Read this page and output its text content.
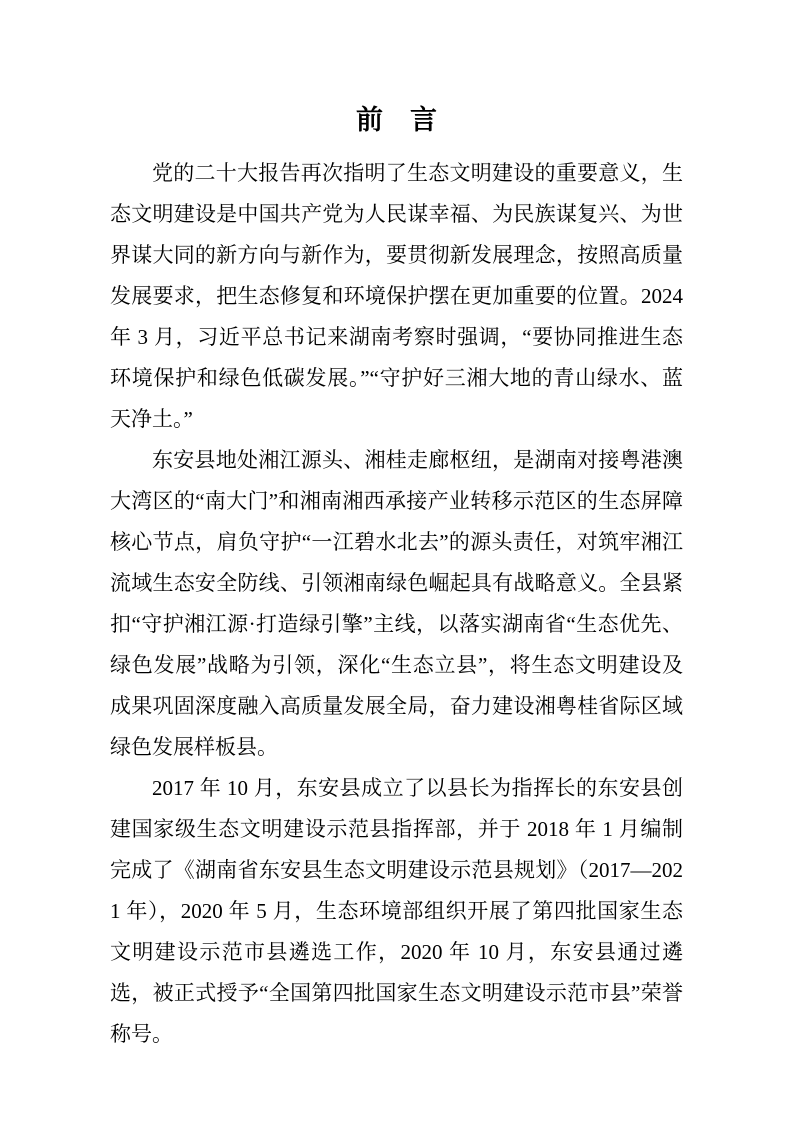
前　言

党的二十大报告再次指明了生态文明建设的重要意义，生态文明建设是中国共产党为人民谋幸福、为民族谋复兴、为世界谋大同的新方向与新作为，要贯彻新发展理念，按照高质量发展要求，把生态修复和环境保护摆在更加重要的位置。2024 年 3 月，习近平总书记来湖南考察时强调，“要协同推进生态环境保护和绿色低碳发展。”“守护好三湘大地的青山绿水、蓝天净土。”

东安县地处湘江源头、湘桂走廊枢纽，是湖南对接粤港澳大湾区的“南大门”和湘南湘西承接产业转移示范区的生态屏障核心节点，肩负守护“一江碧水北去”的源头责任，对筑牢湘江流域生态安全防线、引领湘南绿色崛起具有战略意义。全县紧扣“守护湘江源·打造绿引擎”主线，以落实湖南省“生态优先、绿色发展”战略为引领，深化“生态立县”，将生态文明建设及成果巩固深度融入高质量发展全局，奋力建设湘粤桂省际区域绿色发展样板县。

2017 年 10 月，东安县成立了以县长为指挥长的东安县创建国家级生态文明建设示范县指挥部，并于 2018 年 1 月编制完成了《湖南省东安县生态文明建设示范县规划》（2017—2021 年），2020 年 5 月，生态环境部组织开展了第四批国家生态文明建设示范市县遴选工作，2020 年 10 月，东安县通过遴选，被正式授予“全国第四批国家生态文明建设示范市县”荣誉称号。
